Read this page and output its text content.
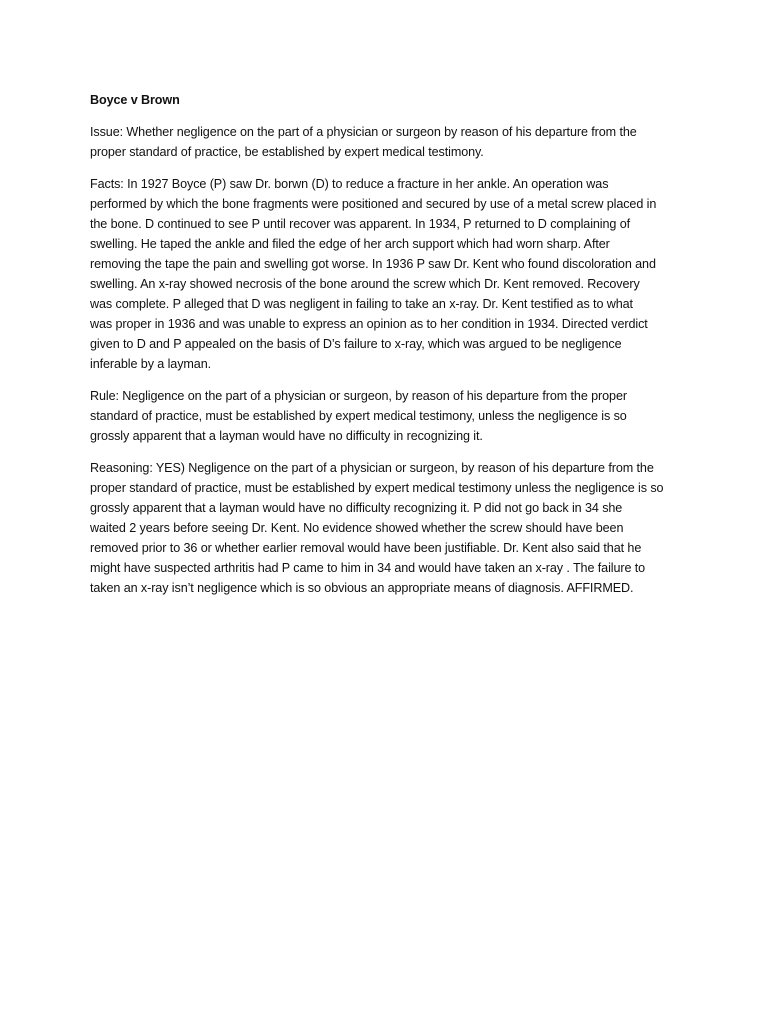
Boyce v Brown
Issue: Whether negligence on the part of a physician or surgeon by reason of his departure from the
proper standard of practice, be established by expert medical testimony.
Facts: In 1927 Boyce (P) saw Dr. borwn (D) to reduce a fracture in her ankle. An operation was
performed by which the bone fragments were positioned and secured by use of a metal screw placed in
the bone. D continued to see P until recover was apparent. In 1934, P returned to D complaining of
swelling. He taped the ankle and filed the edge of her arch support which had worn sharp. After
removing the tape the pain and swelling got worse. In 1936 P saw Dr. Kent who found discoloration and
swelling. An x-ray showed necrosis of the bone around the screw which Dr. Kent removed. Recovery
was complete. P alleged that D was negligent in failing to take an x-ray. Dr. Kent testified as to what
was proper in 1936 and was unable to express an opinion as to her condition in 1934. Directed verdict
given to D and P appealed on the basis of D’s failure to x-ray, which was argued to be negligence
inferable by a layman.
Rule: Negligence on the part of a physician or surgeon, by reason of his departure from the proper
standard of practice, must be established by expert medical testimony, unless the negligence is so
grossly apparent that a layman would have no difficulty in recognizing it.
Reasoning: YES) Negligence on the part of a physician or surgeon, by reason of his departure from the
proper standard of practice, must be established by expert medical testimony unless the negligence is so
grossly apparent that a layman would have no difficulty recognizing it. P did not go back in 34 she
waited 2 years before seeing Dr. Kent. No evidence showed whether the screw should have been
removed prior to 36 or whether earlier removal would have been justifiable. Dr. Kent also said that he
might have suspected arthritis had P came to him in 34 and would have taken an x-ray . The failure to
taken an x-ray isn’t negligence which is so obvious an appropriate means of diagnosis. AFFIRMED.
